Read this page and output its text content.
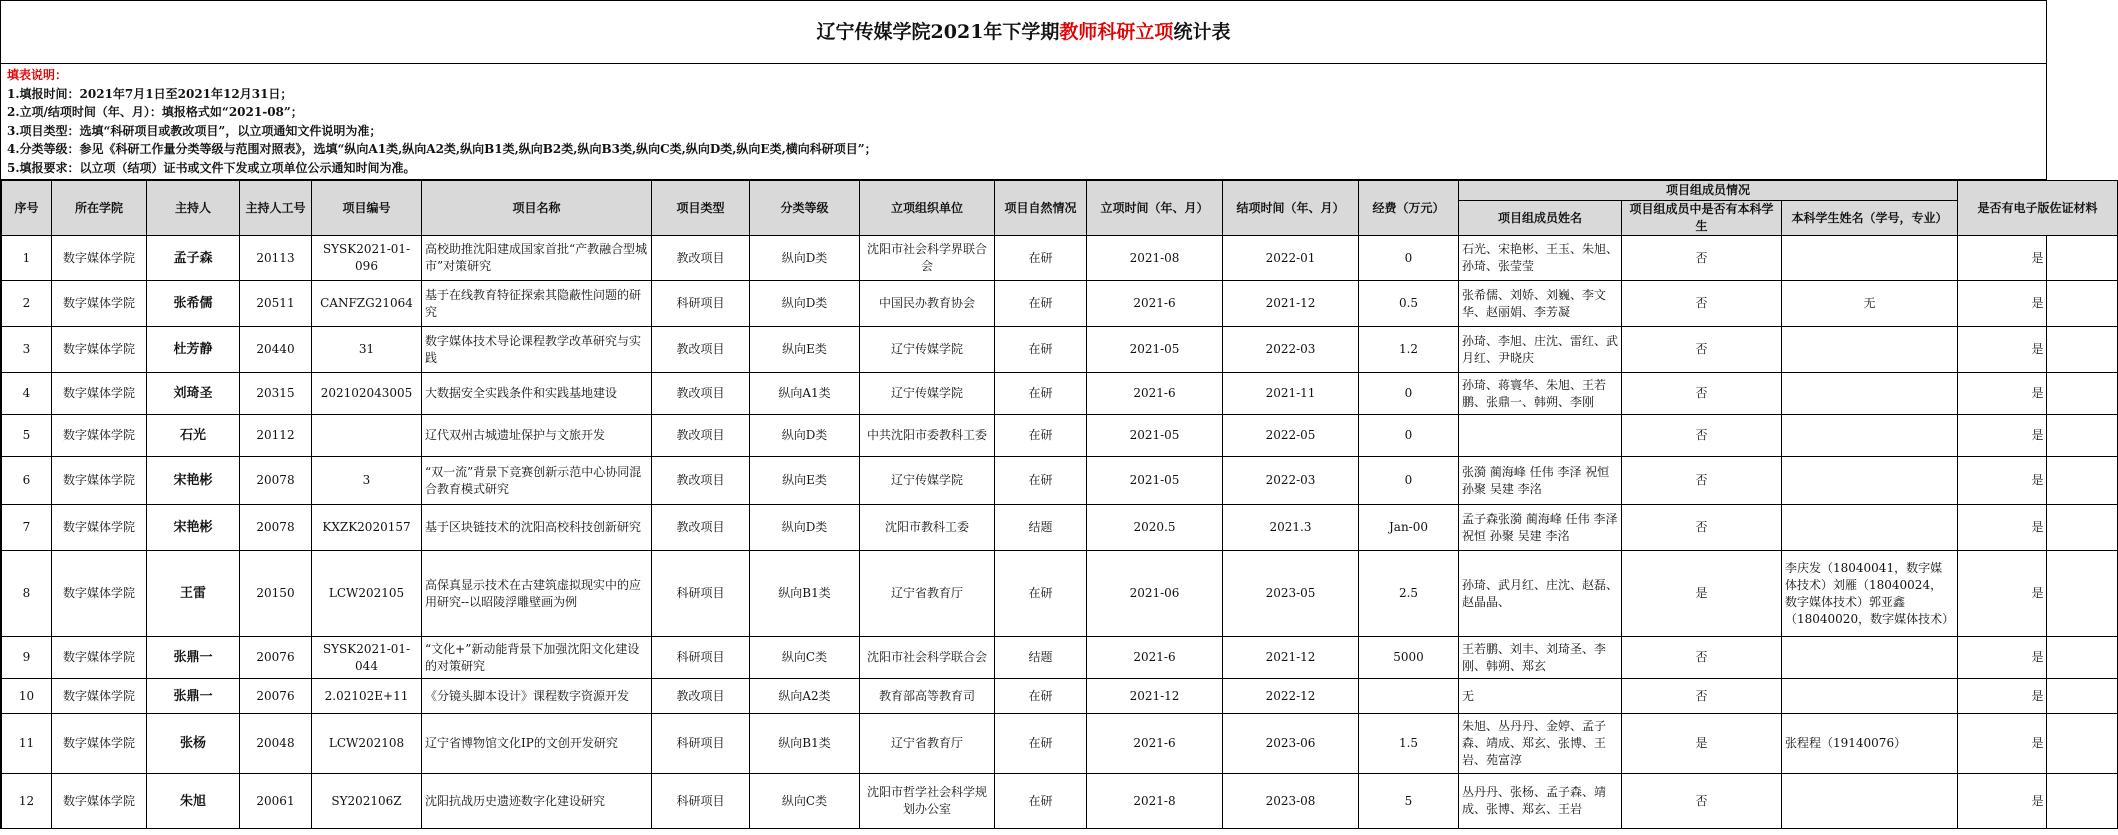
辽宁传媒学院2021年下学期教师科研立项统计表
填表说明：
1.填报时间：2021年7月1日至2021年12月31日；
2.立项/结项时间（年、月）：填报格式如“2021-08”；
3.项目类型：选填“科研项目或教改项目”，以立项通知文件说明为准；
4.分类等级：参见《科研工作量分类等级与范围对照表》，选填“纵向A1类,纵向A2类,纵向B1类,纵向B2类,纵向B3类,纵向C类,纵向D类,纵向E类,横向科研项目”；
5.填报要求：以立项（结项）证书或文件下发或立项单位公示通知时间为准。
序号	所在学院	主持人	主持人工号	项目编号	项目名称	项目类型	分类等级	立项组织单位	项目自然情况	立项时间（年、月）	结项时间（年、月）	经费（万元）	项目组成员情况			是否有电子版佐证材料
													项目组成员姓名	项目组成员中是否有本科学生	本科学生姓名（学号，专业）	
1	数字媒体学院	孟子森	20113	SYSK2021-01-096	高校助推沈阳建成国家首批“产教融合型城市”对策研究	教改项目	纵向D类	沈阳市社会科学界联合会	在研	2021-08	2022-01	0	石光、宋艳彬、王玉、朱旭、孙琦、张莹莹	否		是
2	数字媒体学院	张希儒	20511	CANFZG21064	基于在线教育特征探索其隐蔽性问题的研究	科研项目	纵向D类	中国民办教育协会	在研	2021-6	2021-12	0.5	张希儒、刘娇、刘巍、李文华、赵丽娟、李芳凝	否	无	是
3	数字媒体学院	杜芳静	20440	31	数字媒体技术导论课程教学改革研究与实践	教改项目	纵向E类	辽宁传媒学院	在研	2021-05	2022-03	1.2	孙琦、李旭、庄沈、雷红、武月红、尹晓庆	否		是
4	数字媒体学院	刘琦圣	20315	202102043005	大数据安全实践条件和实践基地建设	教改项目	纵向A1类	辽宁传媒学院	在研	2021-6	2021-11	0	孙琦、蒋寰华、朱旭、王若鹏、张鼎一、韩朔、李刚	否		是
5	数字媒体学院	石光	20112		辽代双州古城遗址保护与文旅开发	教改项目	纵向D类	中共沈阳市委教科工委	在研	2021-05	2022-05	0		否		是
6	数字媒体学院	宋艳彬	20078	3	“双一流”背景下竞赛创新示范中心协同混合教育模式研究	教改项目	纵向E类	辽宁传媒学院	在研	2021-05	2022-03	0	张漪 蔺海峰 任伟 李泽 祝恒 孙聚 吴建 李洺	否		是
7	数字媒体学院	宋艳彬	20078	KXZK2020157	基于区块链技术的沈阳高校科技创新研究	教改项目	纵向D类	沈阳市教科工委	结题	2020.5	2021.3	Jan-00	孟子森张漪 蔺海峰 任伟 李泽 祝恒 孙聚 吴建 李洺	否		是
8	数字媒体学院	王雷	20150	LCW202105	高保真显示技术在古建筑虚拟现实中的应用研究--以昭陵浮雕壁画为例	科研项目	纵向B1类	辽宁省教育厅	在研	2021-06	2023-05	2.5	孙琦、武月红、庄沈、赵磊、赵晶晶、	是	李庆发（18040041，数字媒体技术）刘雁（18040024，数字媒体技术）郭亚鑫（18040020，数字媒体技术）	是
9	数字媒体学院	张鼎一	20076	SYSK2021-01-044	“文化+”新动能背景下加强沈阳文化建设的对策研究	科研项目	纵向C类	沈阳市社会科学联合会	结题	2021-6	2021-12	5000	王若鹏、刘丰、刘琦圣、李刚、韩朔、郑玄	否		是
10	数字媒体学院	张鼎一	20076	2.02102E+11	《分镜头脚本设计》课程数字资源开发	教改项目	纵向A2类	教育部高等教育司	在研	2021-12	2022-12		无	否		是
11	数字媒体学院	张杨	20048	LCW202108	辽宁省博物馆文化IP的文创开发研究	科研项目	纵向B1类	辽宁省教育厅	在研	2021-6	2023-06	1.5	朱旭、丛丹丹、金婷、孟子森、靖成、郑玄、张博、王岩、苑富淳	是	张程程（19140076）	是
12	数字媒体学院	朱旭	20061	SY202106Z	沈阳抗战历史遗迹数字化建设研究	科研项目	纵向C类	沈阳市哲学社会科学规划办公室	在研	2021-8	2023-08	5	丛丹丹、张杨、孟子森、靖成、张博、郑玄、王岩	否		是
